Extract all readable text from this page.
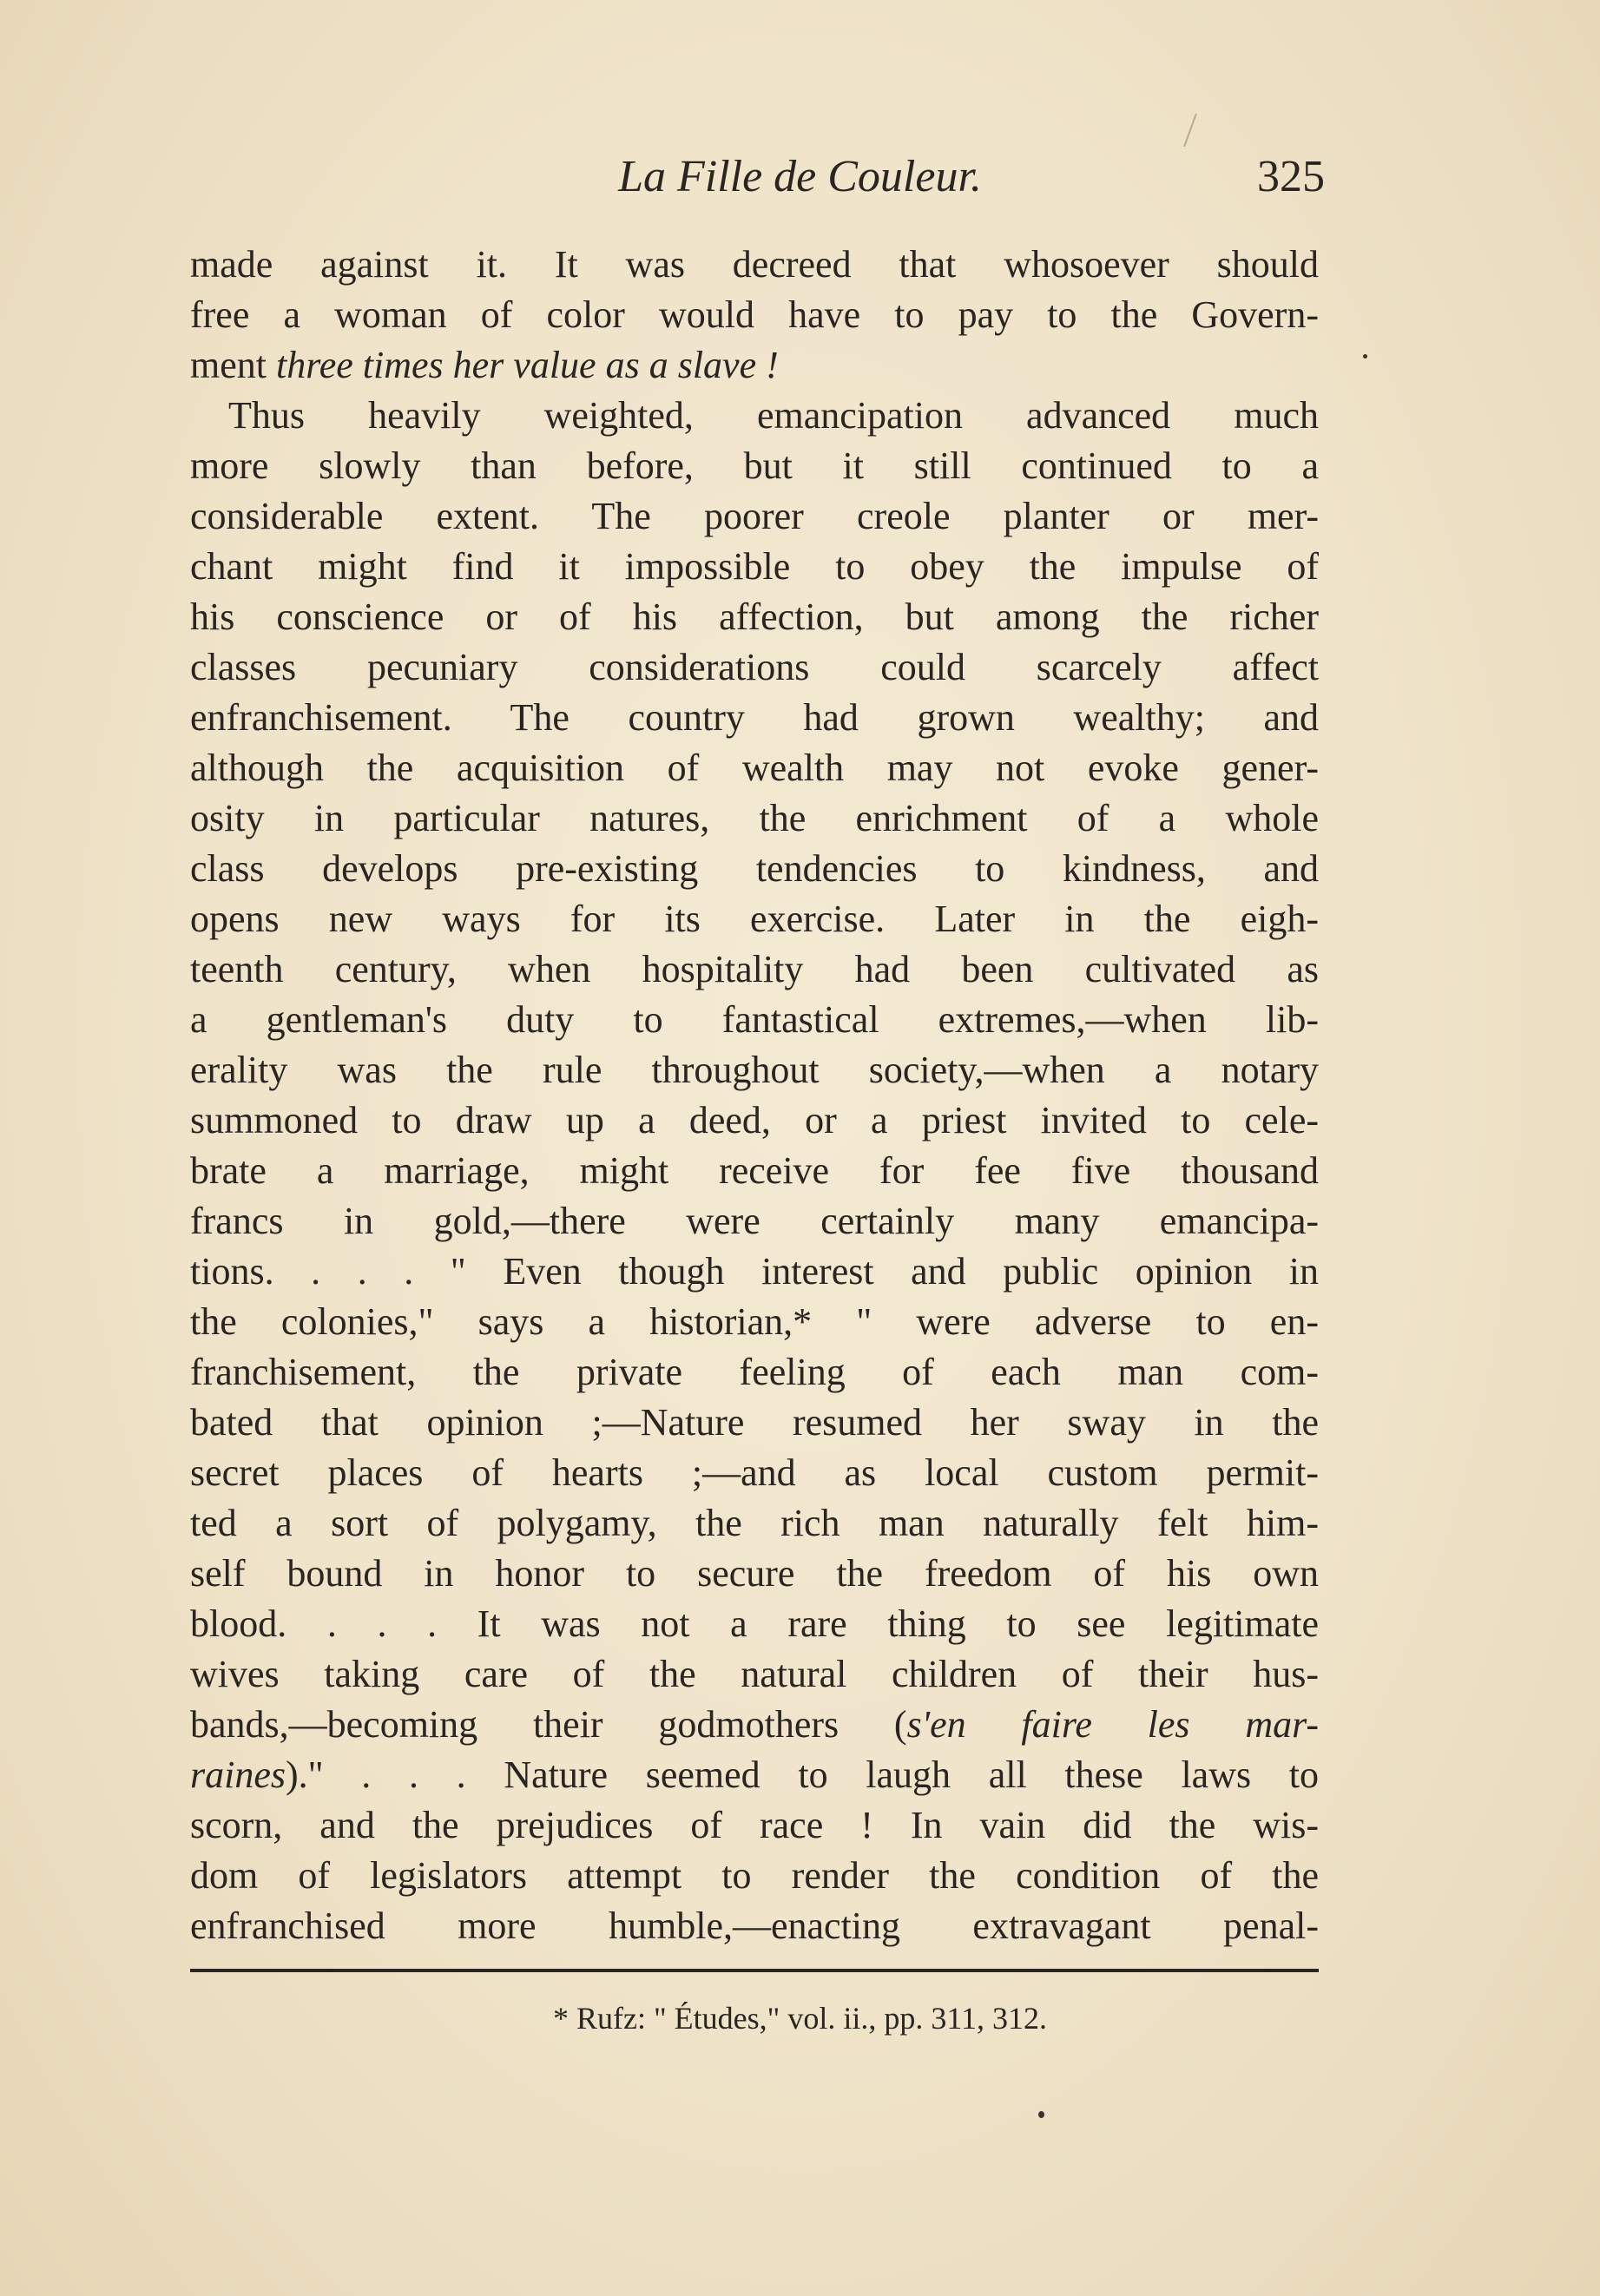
La Fille de Couleur.	325
made against it. It was decreed that whosoever should
free a woman of color would have to pay to the Govern-
ment three times her value as a slave !
Thus heavily weighted, emancipation advanced much
more slowly than before, but it still continued to a
considerable extent. The poorer creole planter or mer-
chant might find it impossible to obey the impulse of
his conscience or of his affection, but among the richer
classes pecuniary considerations could scarcely affect
enfranchisement. The country had grown wealthy; and
although the acquisition of wealth may not evoke gener-
osity in particular natures, the enrichment of a whole
class develops pre-existing tendencies to kindness, and
opens new ways for its exercise. Later in the eigh-
teenth century, when hospitality had been cultivated as
a gentleman's duty to fantastical extremes,—when lib-
erality was the rule throughout society,—when a notary
summoned to draw up a deed, or a priest invited to cele-
brate a marriage, might receive for fee five thousand
francs in gold,—there were certainly many emancipa-
tions. . . . " Even though interest and public opinion in
the colonies," says a historian,* " were adverse to en-
franchisement, the private feeling of each man com-
bated that opinion ;—Nature resumed her sway in the
secret places of hearts ;—and as local custom permit-
ted a sort of polygamy, the rich man naturally felt him-
self bound in honor to secure the freedom of his own
blood. . . . It was not a rare thing to see legitimate
wives taking care of the natural children of their hus-
bands,—becoming their godmothers (s'en faire les mar-
raines)." . . . Nature seemed to laugh all these laws to
scorn, and the prejudices of race ! In vain did the wis-
dom of legislators attempt to render the condition of the
enfranchised more humble,—enacting extravagant penal-
* Rufz: " Études," vol. ii., pp. 311, 312.
